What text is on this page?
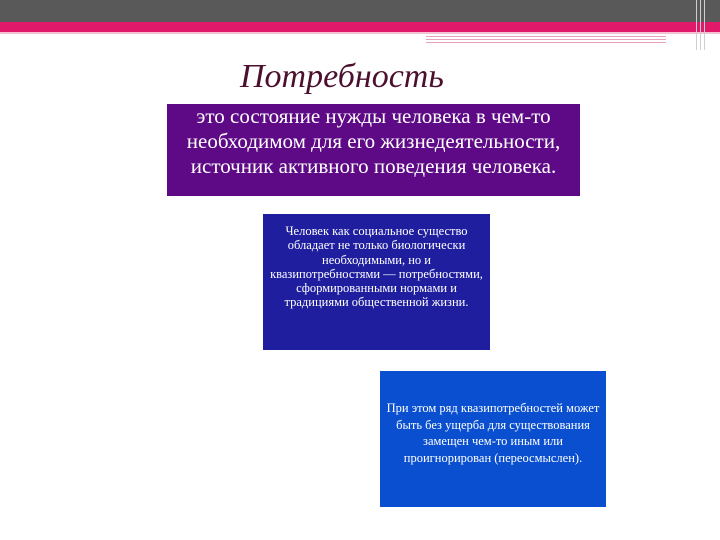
Потребность

это состояние нужды человека в чем-то необходимом для его жизнедеятельности, источник активного поведения человека.

Человек как социальное существо обладает не только биологически необходимыми, но и квазипотребностями — потребностями, сформированными нормами и традициями общественной жизни.

При этом ряд квазипотребностей может быть без ущерба для существования замещен чем-то иным или проигнорирован (переосмыслен).
